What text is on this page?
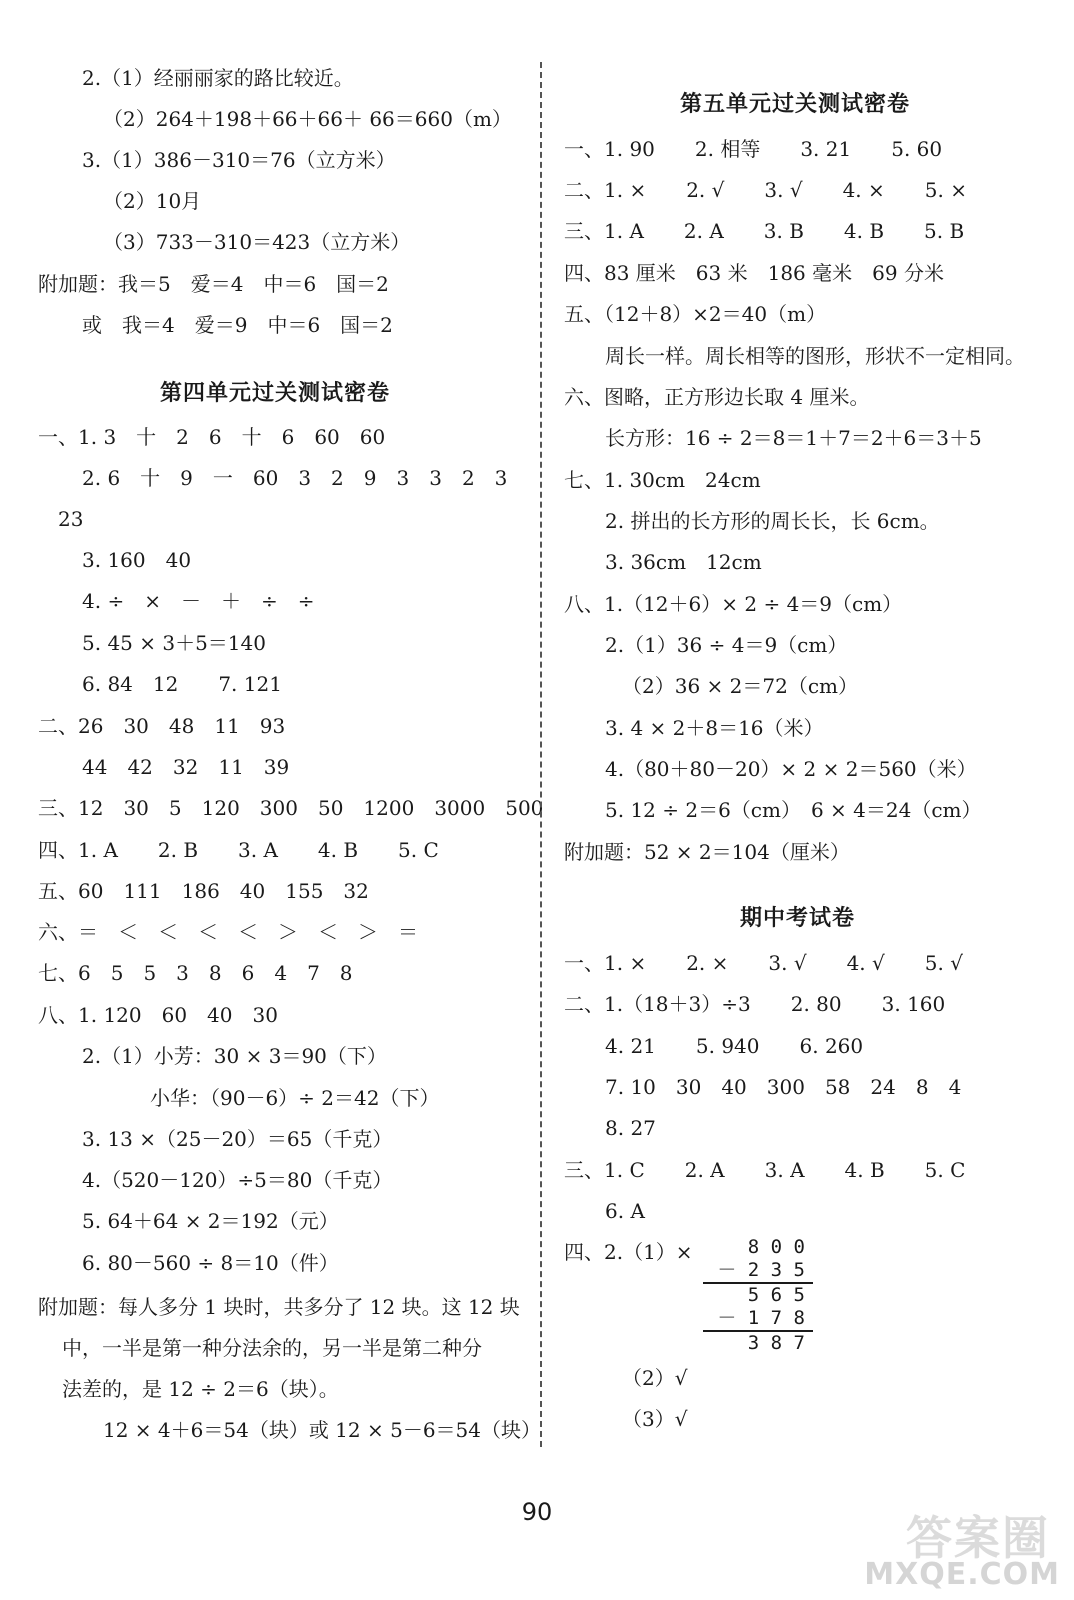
2.（1）经丽丽家的路比较近。
（2）264＋198＋66＋66＋ 66＝660（m）
3.（1）386－310＝76（立方米）
（2）10月
（3）733－310＝423（立方米）
附加题：我＝5　爱＝4　中＝6　国＝2
或　我＝4　爱＝9　中＝6　国＝2
第四单元过关测试密卷
一、1. 3　十　2　6　十　6　60　60
2. 6　十　9　一　60　3　2　9　3　3　2　3
23
3. 160　40
4. ÷　×　－　＋　÷　÷
5. 45 × 3＋5＝140
6. 84　12　　7. 121
二、26　30　48　11　93
44　42　32　11　39
三、12　30　5　120　300　50　1200　3000　500
四、1. A　　2. B　　3. A　　4. B　　5. C
五、60　111　186　40　155　32
六、＝　＜　＜　＜　＜　＞　＜　＞　＝
七、6　5　5　3　8　6　4　7　8
八、1. 120　60　40　30
2.（1）小芳：30 × 3＝90（下）
小华：（90－6）÷ 2＝42（下）
3. 13 ×（25－20）＝65（千克）
4.（520－120）÷5＝80（千克）
5. 64＋64 × 2＝192（元）
6. 80－560 ÷ 8＝10（件）
附加题：每人多分 1 块时，共多分了 12 块。这 12 块
中，一半是第一种分法余的，另一半是第二种分
法差的，是 12 ÷ 2＝6（块）。
12 × 4＋6＝54（块）或 12 × 5－6＝54（块）
第五单元过关测试密卷
一、1. 90　　2. 相等　　3. 21　　5. 60
二、1. ×　　2. √　　3. √　　4. ×　　5. ×
三、1. A　　2. A　　3. B　　4. B　　5. B
四、83 厘米　63 米　186 毫米　69 分米
五、（12＋8）×2＝40（m）
周长一样。周长相等的图形，形状不一定相同。
六、图略，正方形边长取 4 厘米。
长方形：16 ÷ 2＝8＝1＋7＝2＋6＝3＋5
七、1. 30cm　24cm
2. 拼出的长方形的周长长，长 6cm。
3. 36cm　12cm
八、1.（12＋6）× 2 ÷ 4＝9（cm）
2.（1）36 ÷ 4＝9（cm）
（2）36 × 2＝72（cm）
3. 4 × 2＋8＝16（米）
4.（80＋80－20）× 2 × 2＝560（米）
5. 12 ÷ 2＝6（cm）　6 × 4＝24（cm）
附加题：52 × 2＝104（厘米）
期中考试卷
一、1. ×　　2. ×　　3. √　　4. √　　5. √
二、1.（18＋3）÷3　　2. 80　　3. 160
4. 21　　5. 940　　6. 260
7. 10　30　40　300　58　24　8　4
8. 27
三、1. C　　2. A　　3. A　　4. B　　5. C
6. A
四、2.（1）×
（2）√
（3）√
8 0 0
－ 2 3 5
5 6 5
－ 1 7 8
3 8 7
90	答案圈
MXQE.COM
